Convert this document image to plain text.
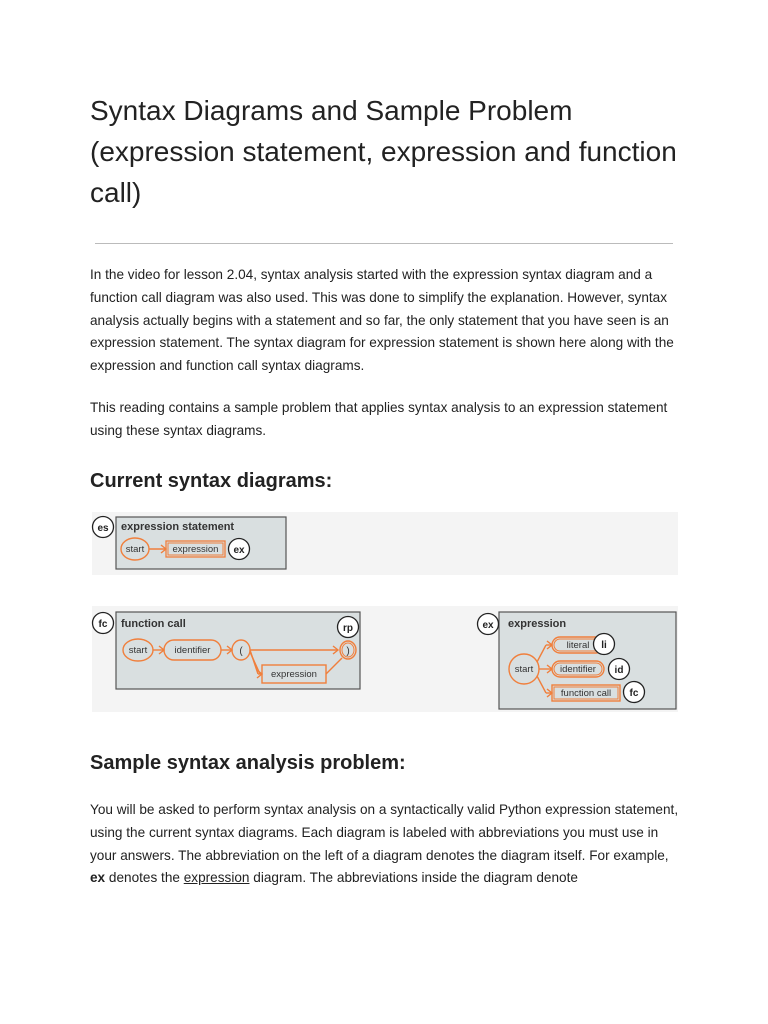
Syntax Diagrams and Sample Problem (expression statement, expression and function call)

In the video for lesson 2.04, syntax analysis started with the expression syntax diagram and a function call diagram was also used. This was done to simplify the explanation. However, syntax analysis actually begins with a statement and so far, the only statement that you have seen is an expression statement. The syntax diagram for expression statement is shown here along with the expression and function call syntax diagrams.

This reading contains a sample problem that applies syntax analysis to an expression statement using these syntax diagrams.

Current syntax diagrams:
es expression statement
start	expression ex
fc function call
start	identifier	(
expression
)
rp	ex expression
start
literal li
identifier id
function call fc
Sample syntax analysis problem:

You will be asked to perform syntax analysis on a syntactically valid Python expression statement, using the current syntax diagrams. Each diagram is labeled with abbreviations you must use in your answers. The abbreviation on the left of a diagram denotes the diagram itself. For example, ex denotes the expression diagram. The abbreviations inside the diagram denote
